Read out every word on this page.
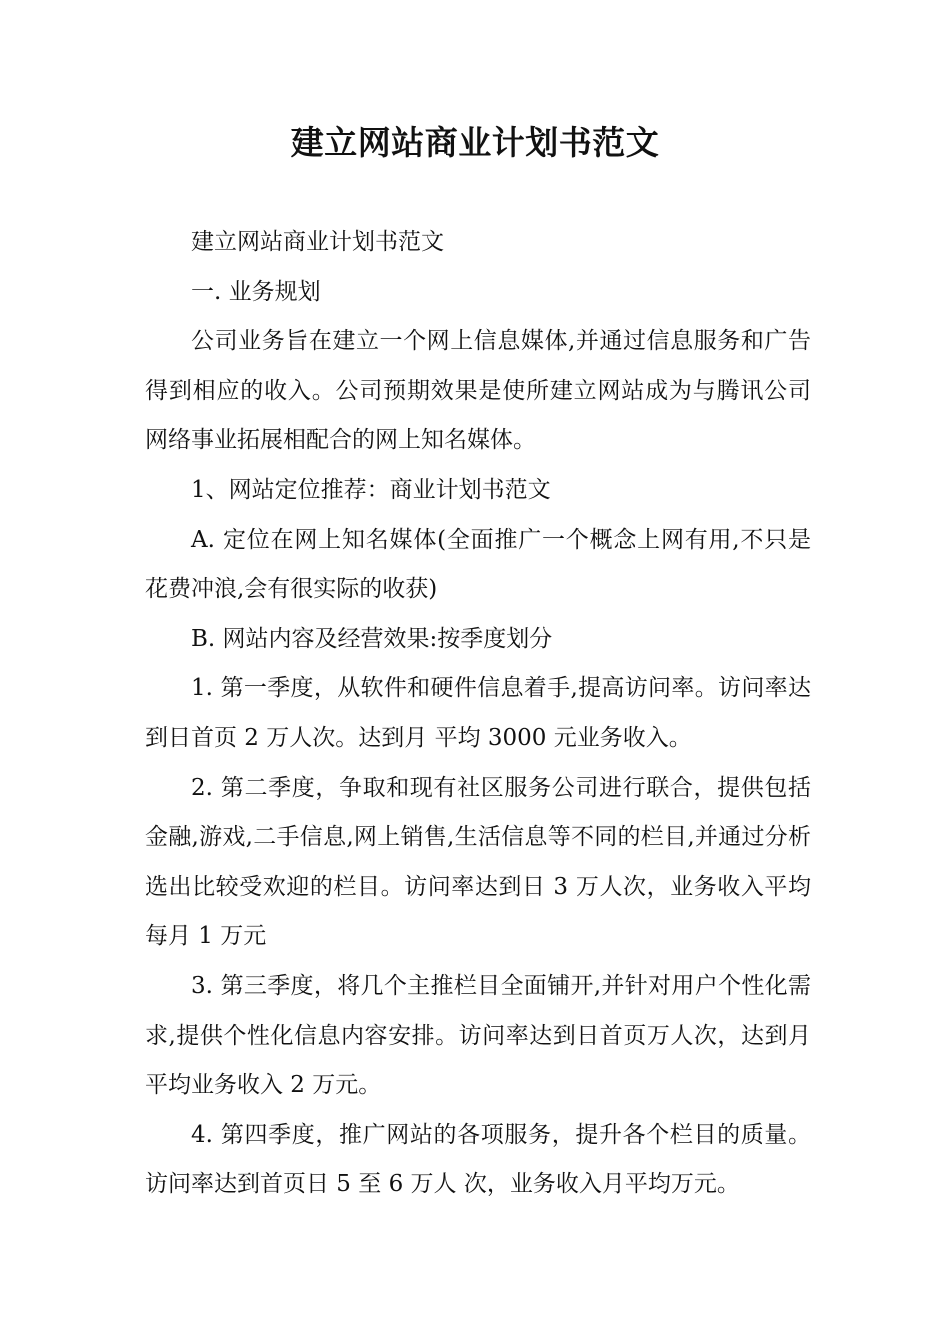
建立网站商业计划书范文

建立网站商业计划书范文

一. 业务规划

公司业务旨在建立一个网上信息媒体,并通过信息服务和广告得到相应的收入。公司预期效果是使所建立网站成为与腾讯公司网络事业拓展相配合的网上知名媒体。

1、网站定位推荐：商业计划书范文

A. 定位在网上知名媒体(全面推广一个概念上网有用,不只是花费冲浪,会有很实际的收获)

B. 网站内容及经营效果:按季度划分

1. 第一季度，从软件和硬件信息着手,提高访问率。访问率达到日首页 2 万人次。达到月 平均 3000 元业务收入。

2. 第二季度，争取和现有社区服务公司进行联合，提供包括金融,游戏,二手信息,网上销售,生活信息等不同的栏目,并通过分析选出比较受欢迎的栏目。访问率达到日 3 万人次，业务收入平均每月 1 万元

3. 第三季度，将几个主推栏目全面铺开,并针对用户个性化需求,提供个性化信息内容安排。访问率达到日首页万人次，达到月平均业务收入 2 万元。

4. 第四季度，推广网站的各项服务，提升各个栏目的质量。访问率达到首页日 5 至 6 万人 次，业务收入月平均万元。
